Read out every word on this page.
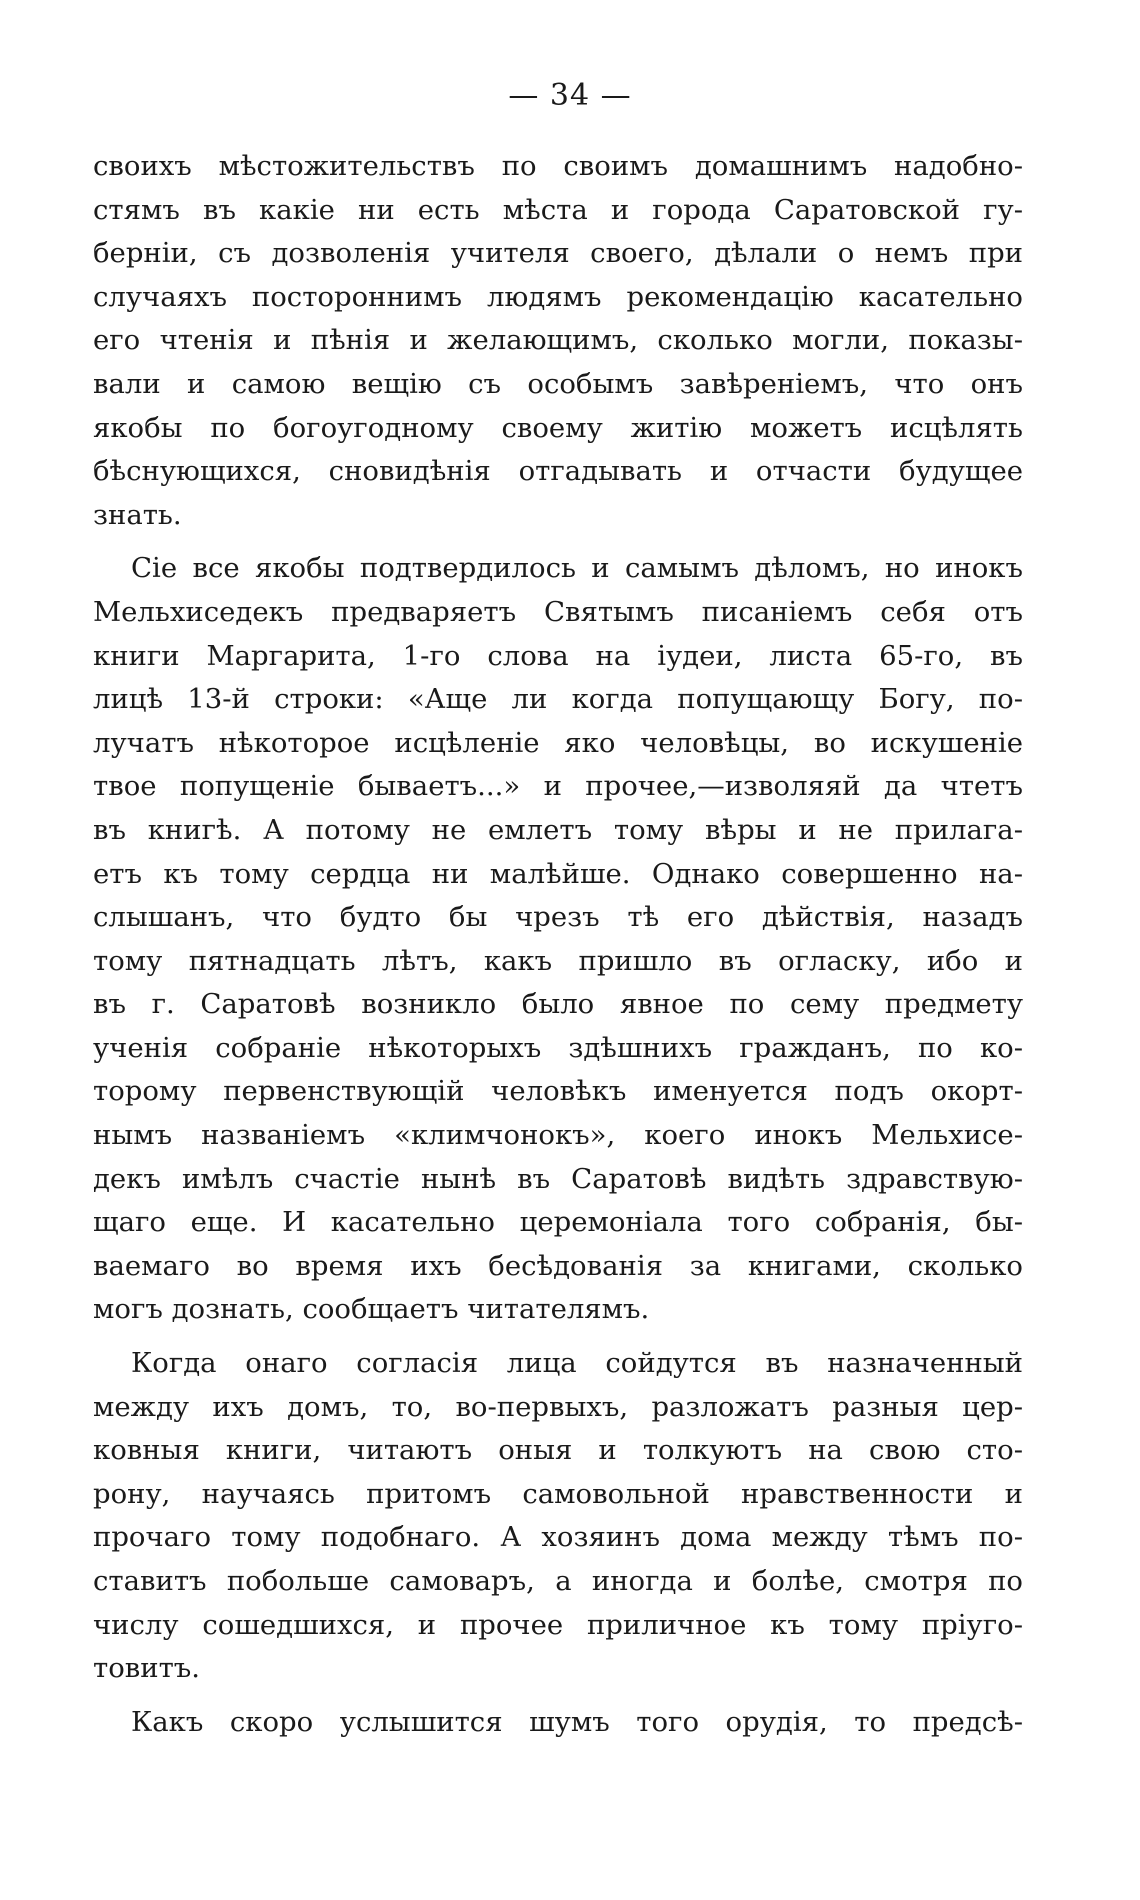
— 34 —
своихъ мѣстожительствъ по своимъ домашнимъ надобно-
стямъ въ какіе ни есть мѣста и города Саратовской гу-
берніи, съ дозволенія учителя своего, дѣлали о немъ при
случаяхъ постороннимъ людямъ рекомендацію касательно
его чтенія и пѣнія и желающимъ, сколько могли, показы-
вали и самою вещію съ особымъ завѣреніемъ, что онъ
якобы по богоугодному своему житію можетъ исцѣлять
бѣснующихся, сновидѣнія отгадывать и отчасти будущее
знать.
Сіе все якобы подтвердилось и самымъ дѣломъ, но инокъ
Мельхиседекъ предваряетъ Святымъ писаніемъ себя отъ
книги Маргарита, 1-го слова на іудеи, листа 65-го, въ
лицѣ 13-й строки: «Аще ли когда попущающу Богу, по-
лучатъ нѣкоторое исцѣленіе яко человѣцы, во искушеніе
твое попущеніе бываетъ...» и прочее,—изволяяй да чтетъ
въ книгѣ. А потому не емлетъ тому вѣры и не прилага-
етъ къ тому сердца ни малѣйше. Однако совершенно на-
слышанъ, что будто бы чрезъ тѣ его дѣйствія, назадъ
тому пятнадцать лѣтъ, какъ пришло въ огласку, ибо и
въ г. Саратовѣ возникло было явное по сему предмету
ученія собраніе нѣкоторыхъ здѣшнихъ гражданъ, по ко-
торому первенствующій человѣкъ именуется подъ окорт-
нымъ названіемъ «климчонокъ», коего инокъ Мельхисе-
декъ имѣлъ счастіе нынѣ въ Саратовѣ видѣть здравствую-
щаго еще. И касательно церемоніала того собранія, бы-
ваемаго во время ихъ бесѣдованія за книгами, сколько
могъ дознать, сообщаетъ читателямъ.
Когда онаго согласія лица сойдутся въ назначенный
между ихъ домъ, то, во-первыхъ, разложатъ разныя цер-
ковныя книги, читаютъ оныя и толкуютъ на свою сто-
рону, научаясь притомъ самовольной нравственности и
прочаго тому подобнаго. А хозяинъ дома между тѣмъ по-
ставитъ побольше самоваръ, а иногда и болѣе, смотря по
числу сошедшихся, и прочее приличное къ тому пріуго-
товитъ.
Какъ скоро услышится шумъ того орудія, то предсѣ-
